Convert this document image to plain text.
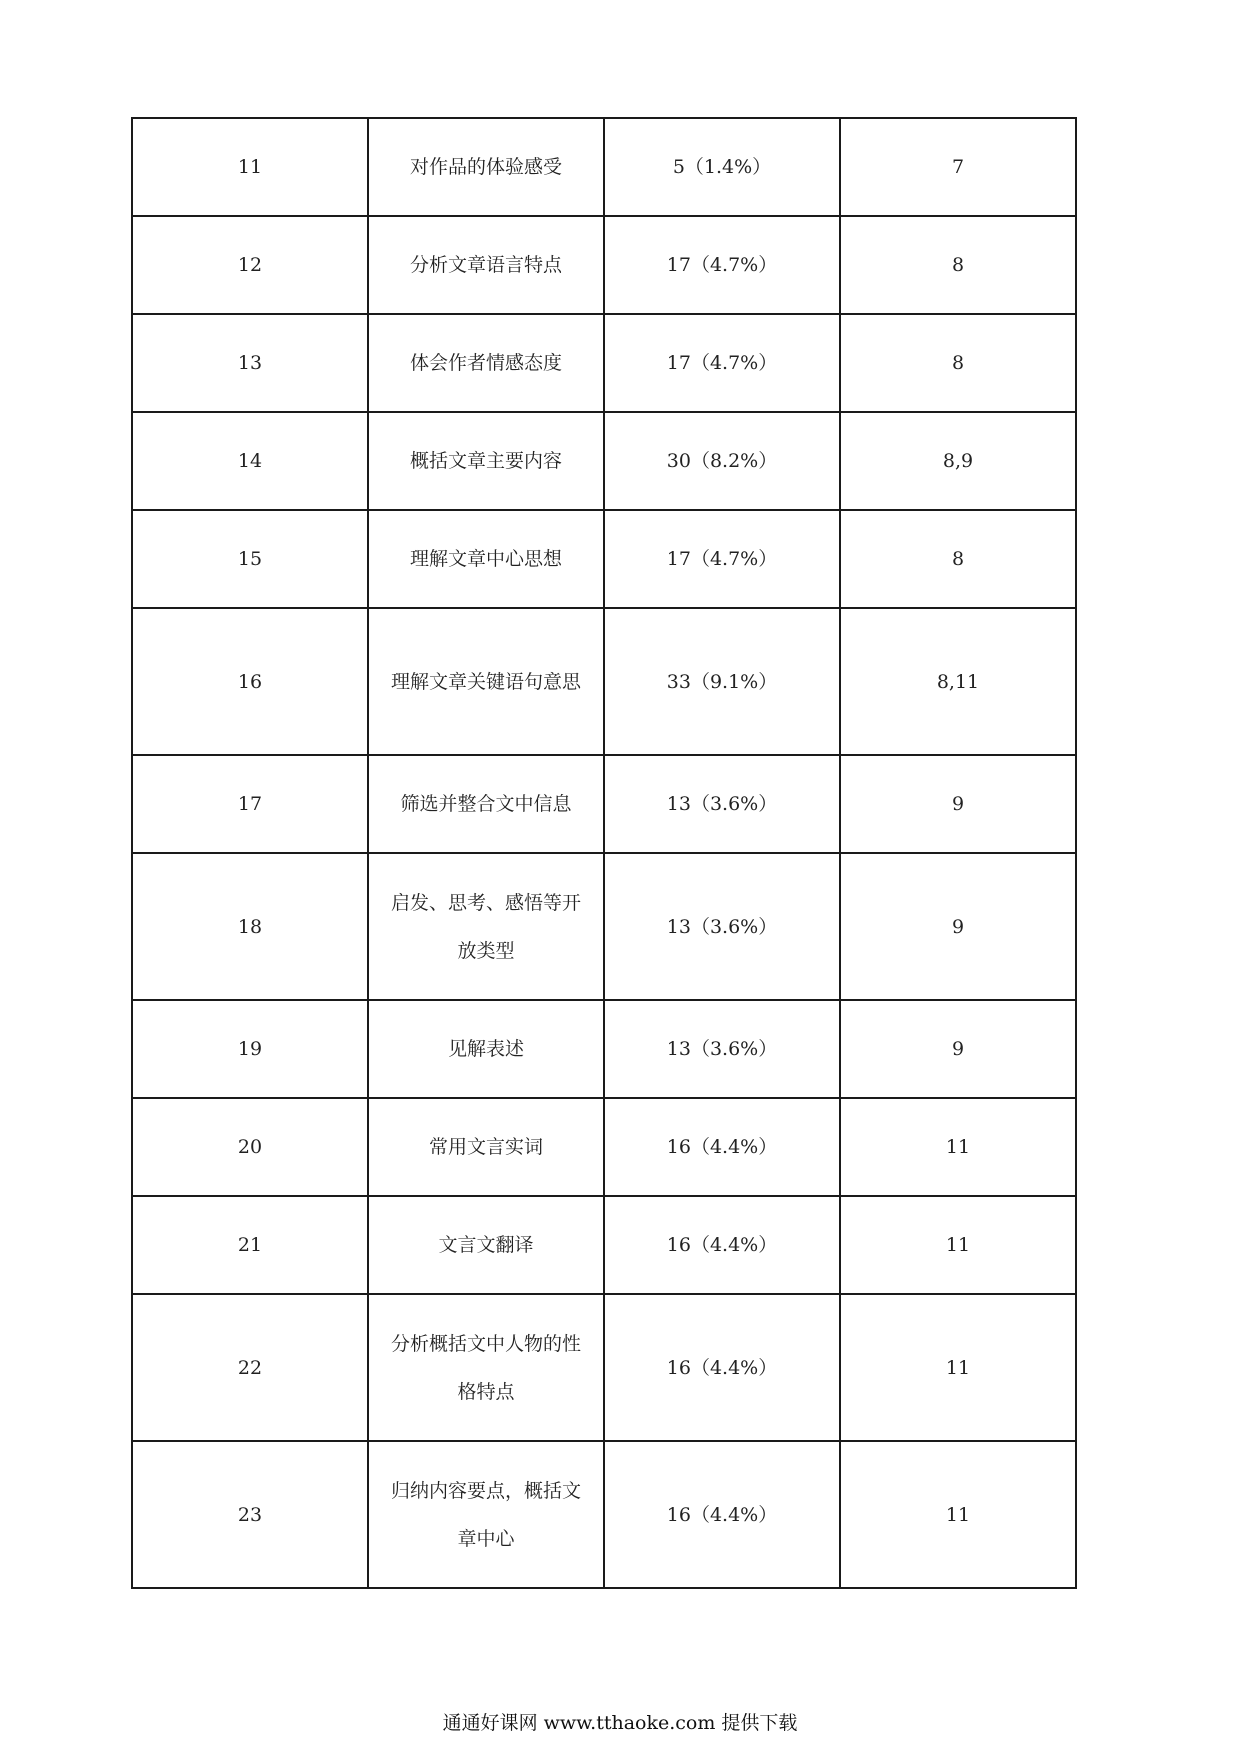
11	对作品的体验感受	5（1.4%）	7
12	分析文章语言特点	17（4.7%）	8
13	体会作者情感态度	17（4.7%）	8
14	概括文章主要内容	30（8.2%）	8,9
15	理解文章中心思想	17（4.7%）	8
16	理解文章关键语句意思	33（9.1%）	8,11
17	筛选并整合文中信息	13（3.6%）	9
18	启发、思考、感悟等开放类型	13（3.6%）	9
19	见解表述	13（3.6%）	9
20	常用文言实词	16（4.4%）	11
21	文言文翻译	16（4.4%）	11
22	分析概括文中人物的性格特点	16（4.4%）	11
23	归纳内容要点，概括文章中心	16（4.4%）	11
通通好课网 www.tthaoke.com 提供下载
